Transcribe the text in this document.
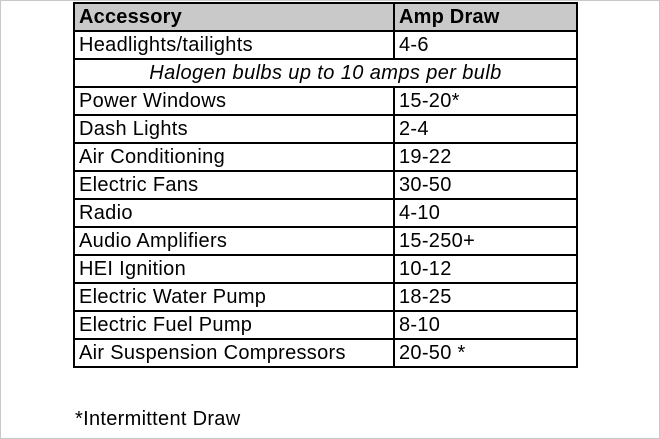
Accessory	Amp Draw
Headlights/tailights	4-6
Halogen bulbs up to 10 amps per bulb	
Power Windows	15-20*
Dash Lights	2-4
Air Conditioning	19-22
Electric Fans	30-50
Radio	4-10
Audio Amplifiers	15-250+
HEI Ignition	10-12
Electric Water Pump	18-25
Electric Fuel Pump	8-10
Air Suspension Compressors	20-50 *
*Intermittent Draw
